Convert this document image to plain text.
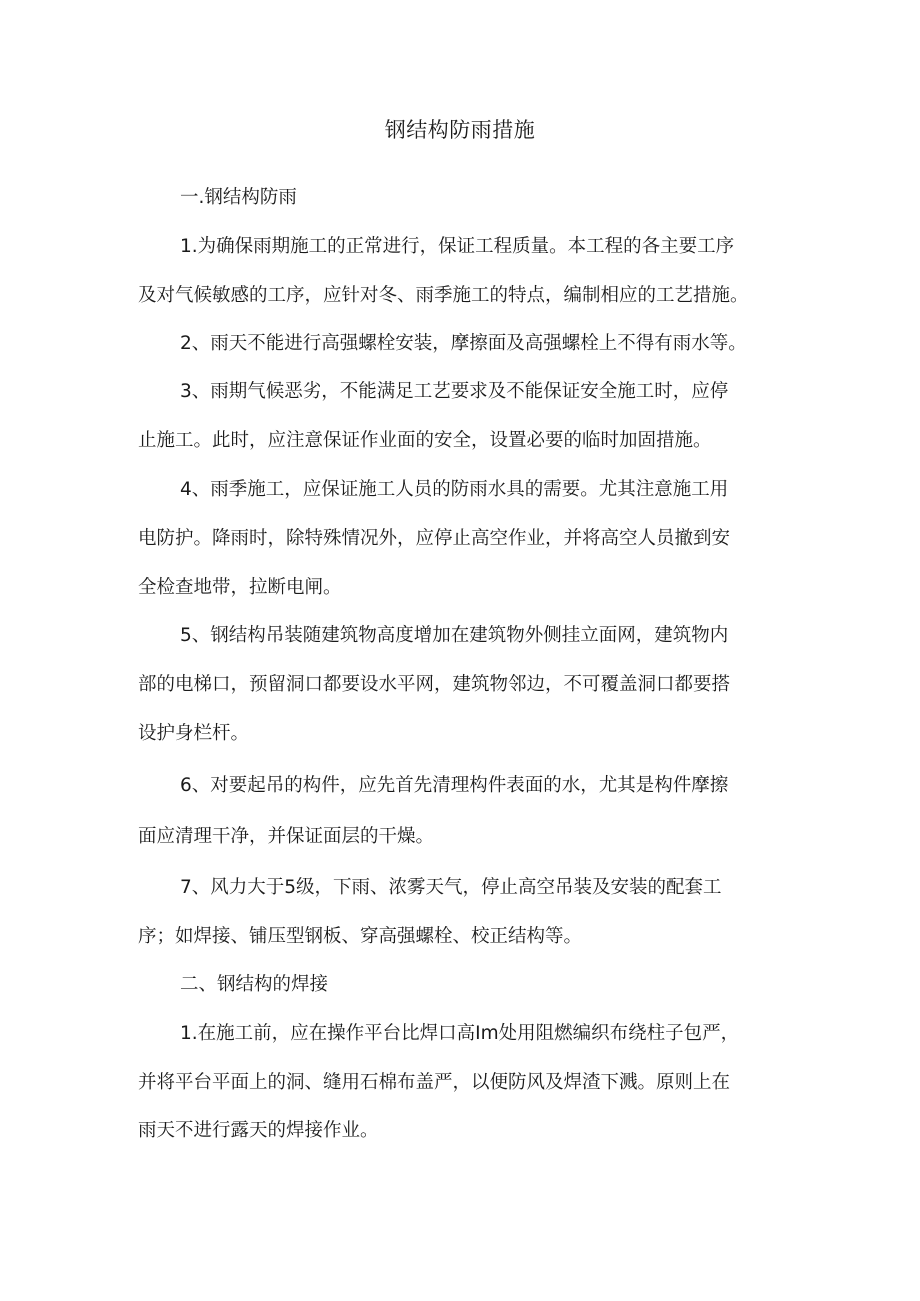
钢结构防雨措施
一.钢结构防雨
1.为确保雨期施工的正常进行，保证工程质量。本工程的各主要工序
及对气候敏感的工序，应针对冬、雨季施工的特点，编制相应的工艺措施。
2、雨天不能进行高强螺栓安装，摩擦面及高强螺栓上不得有雨水等。
3、雨期气候恶劣，不能满足工艺要求及不能保证安全施工时，应停
止施工。此时，应注意保证作业面的安全，设置必要的临时加固措施。
4、雨季施工，应保证施工人员的防雨水具的需要。尤其注意施工用
电防护。降雨时，除特殊情况外，应停止高空作业，并将高空人员撤到安
全检查地带，拉断电闸。
5、钢结构吊装随建筑物高度增加在建筑物外侧挂立面网，建筑物内
部的电梯口，预留洞口都要设水平网，建筑物邻边，不可覆盖洞口都要搭
设护身栏杆。
6、对要起吊的构件，应先首先清理构件表面的水，尤其是构件摩擦
面应清理干净，并保证面层的干燥。
7、风力大于5级，下雨、浓雾天气，停止高空吊装及安装的配套工
序；如焊接、铺压型钢板、穿高强螺栓、校正结构等。
二、钢结构的焊接
1.在施工前，应在操作平台比焊口高Im处用阻燃编织布绕柱子包严，
并将平台平面上的洞、缝用石棉布盖严，以便防风及焊渣下溅。原则上在
雨天不进行露天的焊接作业。
